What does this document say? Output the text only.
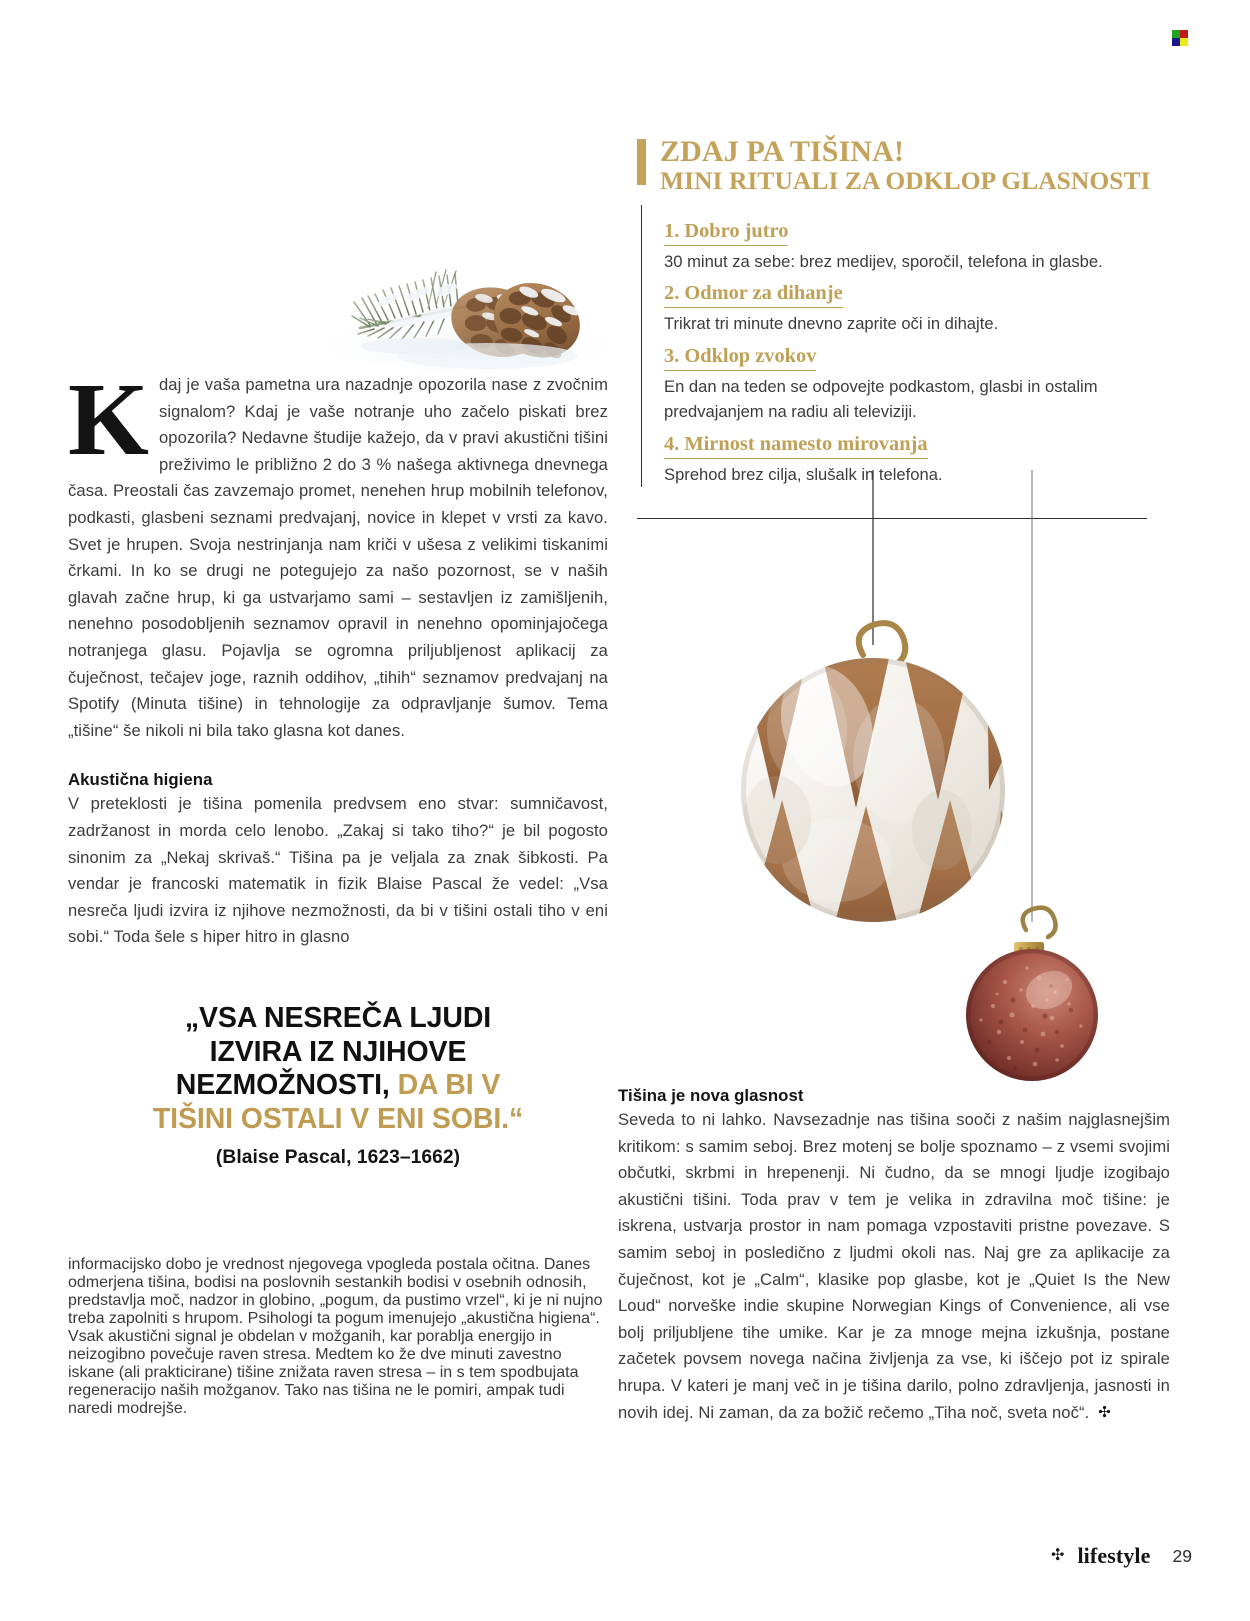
Kdaj je vaša pametna ura nazadnje opozorila nase z zvočnim signalom? Kdaj je vaše notranje uho začelo piskati brez opozorila? Nedavne študije kažejo, da v pravi akustični tišini preživimo le približno 2 do 3 % našega aktivnega dnevnega časa. Preostali čas zavzemajo promet, nenehen hrup mobilnih telefonov, podkasti, glasbeni seznami predvajanj, novice in klepet v vrsti za kavo. Svet je hrupen. Svoja nestrinjanja nam kriči v ušesa z velikimi tiskanimi črkami. In ko se drugi ne potegujejo za našo pozornost, se v naših glavah začne hrup, ki ga ustvarjamo sami – sestavljen iz zamišljenih, nenehno posodobljenih seznamov opravil in nenehno opominjajočega notranjega glasu. Pojavlja se ogromna priljubljenost aplikacij za čuječnost, tečajev joge, raznih oddihov, „tihih“ seznamov predvajanj na Spotify (Minuta tišine) in tehnologije za odpravljanje šumov. Tema „tišine“ še nikoli ni bila tako glasna kot danes.

Akustična higiena

V preteklosti je tišina pomenila predvsem eno stvar: sumničavost, zadržanost in morda celo lenobo. „Zakaj si tako tiho?“ je bil pogosto sinonim za „Nekaj skrivaš.“ Tišina pa je veljala za znak šibkosti. Pa vendar je francoski matematik in fizik Blaise Pascal že vedel: „Vsa nesreča ljudi izvira iz njihove nezmožnosti, da bi v tišini ostali tiho v eni sobi.“ Toda šele s hiper hitro in glasno

„VSA NESREČA LJUDI
IZVIRA IZ NJIHOVE
NEZMOŽNOSTI, DA BI V
TIŠINI OSTALI V ENI SOBI.“
(Blaise Pascal, 1623–1662)

informacijsko dobo je vrednost njegovega vpogleda postala očitna. Danes odmerjena tišina, bodisi na poslovnih sestankih bodisi v osebnih odnosih, predstavlja moč, nadzor in globino, „pogum, da pustimo vrzel“, ki je ni nujno treba zapolniti s hrupom. Psihologi ta pogum imenujejo „akustična higiena“. Vsak akustični signal je obdelan v možganih, kar porablja energijo in neizogibno povečuje raven stresa. Medtem ko že dve minuti zavestno iskane (ali prakticirane) tišine znižata raven stresa – in s tem spodbujata regeneracijo naših možganov. Tako nas tišina ne le pomiri, ampak tudi naredi modrejše.

ZDAJ PA TIŠINA!
MINI RITUALI ZA ODKLOP GLASNOSTI
1. Dobro jutro

30 minut za sebe: brez medijev, sporočil, telefona in glasbe.

2. Odmor za dihanje

Trikrat tri minute dnevno zaprite oči in dihajte.

3. Odklop zvokov

En dan na teden se odpovejte podkastom, glasbi in ostalim predvajanjem na radiu ali televiziji.

4. Mirnost namesto mirovanja

Sprehod brez cilja, slušalk in telefona.

Tišina je nova glasnost

Seveda to ni lahko. Navsezadnje nas tišina sooči z našim najglasnejšim kritikom: s samim seboj. Brez motenj se bolje spoznamo – z vsemi svojimi občutki, skrbmi in hrepenenji. Ni čudno, da se mnogi ljudje izogibajo akustični tišini. Toda prav v tem je velika in zdravilna moč tišine: je iskrena, ustvarja prostor in nam pomaga vzpostaviti pristne povezave. S samim seboj in posledično z ljudmi okoli nas. Naj gre za aplikacije za čuječnost, kot je „Calm“, klasike pop glasbe, kot je „Quiet Is the New Loud“ norveške indie skupine Norwegian Kings of Convenience, ali vse bolj priljubljene tihe umike. Kar je za mnoge mejna izkušnja, postane začetek povsem novega načina življenja za vse, ki iščejo pot iz spirale hrupa. V kateri je manj več in je tišina darilo, polno zdravljenja, jasnosti in novih idej. Ni zaman, da za božič rečemo „Tiha noč, sveta noč“. ✣

✣ lifestyle 29
